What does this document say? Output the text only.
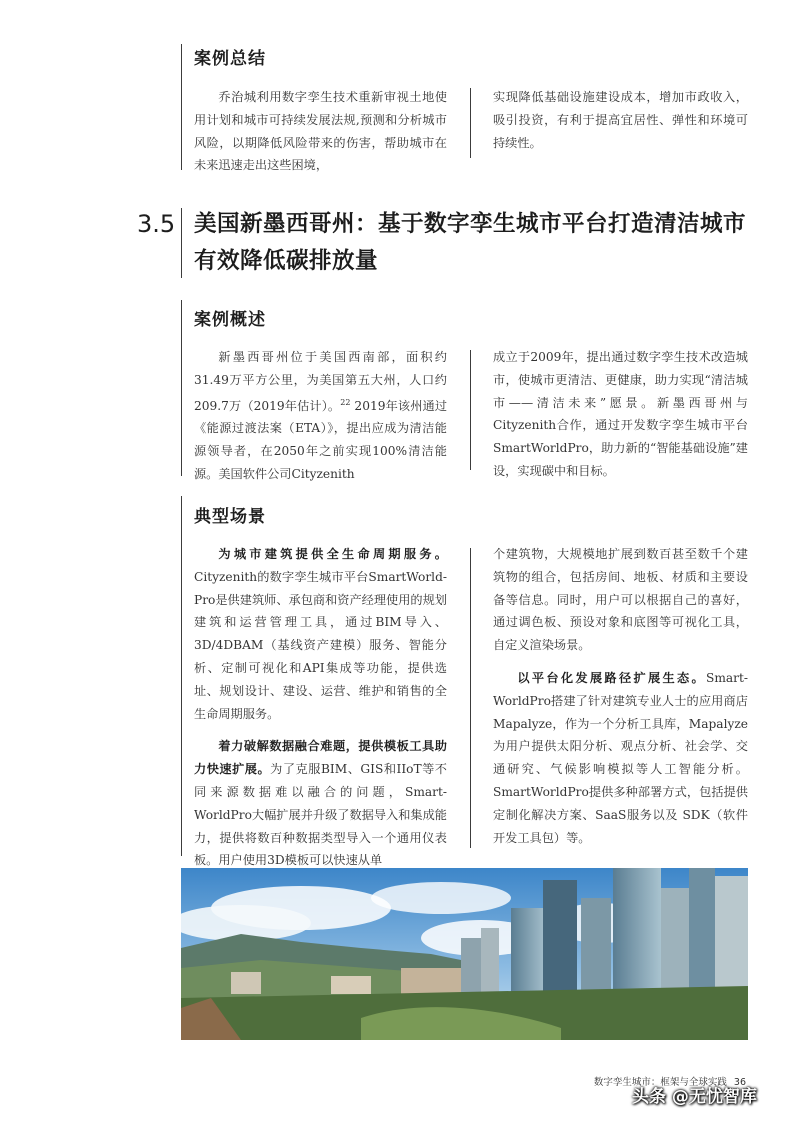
案例总结

乔治城利用数字孪生技术重新审视土地使用计划和城市可持续发展法规,预测和分析城市风险，以期降低风险带来的伤害，帮助城市在未来迅速走出这些困境，

实现降低基础设施建设成本，增加市政收入，吸引投资，有利于提高宜居性、弹性和环境可持续性。

3.5 美国新墨西哥州：基于数字孪生城市平台打造清洁城市有效降低碳排放量
案例概述

新墨西哥州位于美国西南部，面积约31.49万平方公里，为美国第五大州，人口约209.7万（2019年估计）。$^{22}$ 2019年该州通过《能源过渡法案（ETA）》，提出应成为清洁能源领导者，在2050年之前实现100%清洁能源。美国软件公司Cityzenith

成立于2009年，提出通过数字孪生技术改造城市，使城市更清洁、更健康，助力实现“清洁城市——清洁未来”愿景。新墨西哥州与Cityzenith合作，通过开发数字孪生城市平台SmartWorldPro，助力新的“智能基础设施”建设，实现碳中和目标。

典型场景

为城市建筑提供全生命周期服务。Cityzenith的数字孪生城市平台SmartWorld-Pro是供建筑师、承包商和资产经理使用的规划建筑和运营管理工具，通过BIM导入、3D/4DBAM（基线资产建模）服务、智能分析、定制可视化和API集成等功能，提供选址、规划设计、建设、运营、维护和销售的全生命周期服务。

着力破解数据融合难题，提供模板工具助力快速扩展。为了克服BIM、GIS和IIoT等不同来源数据难以融合的问题，Smart-WorldPro大幅扩展并升级了数据导入和集成能力，提供将数百种数据类型导入一个通用仪表板。用户使用3D模板可以快速从单

个建筑物，大规模地扩展到数百甚至数千个建筑物的组合，包括房间、地板、材质和主要设备等信息。同时，用户可以根据自己的喜好，通过调色板、预设对象和底图等可视化工具，自定义渲染场景。

以平台化发展路径扩展生态。Smart-WorldPro搭建了针对建筑专业人士的应用商店Mapalyze，作为一个分析工具库，Mapalyze为用户提供太阳分析、观点分析、社会学、交通研究、气候影响模拟等人工智能分析。SmartWorldPro提供多种部署方式，包括提供定制化解决方案、SaaS服务以及 SDK（软件开发工具包）等。

数字孪生城市：框架与全球实践 36
头条 @无忧智库
